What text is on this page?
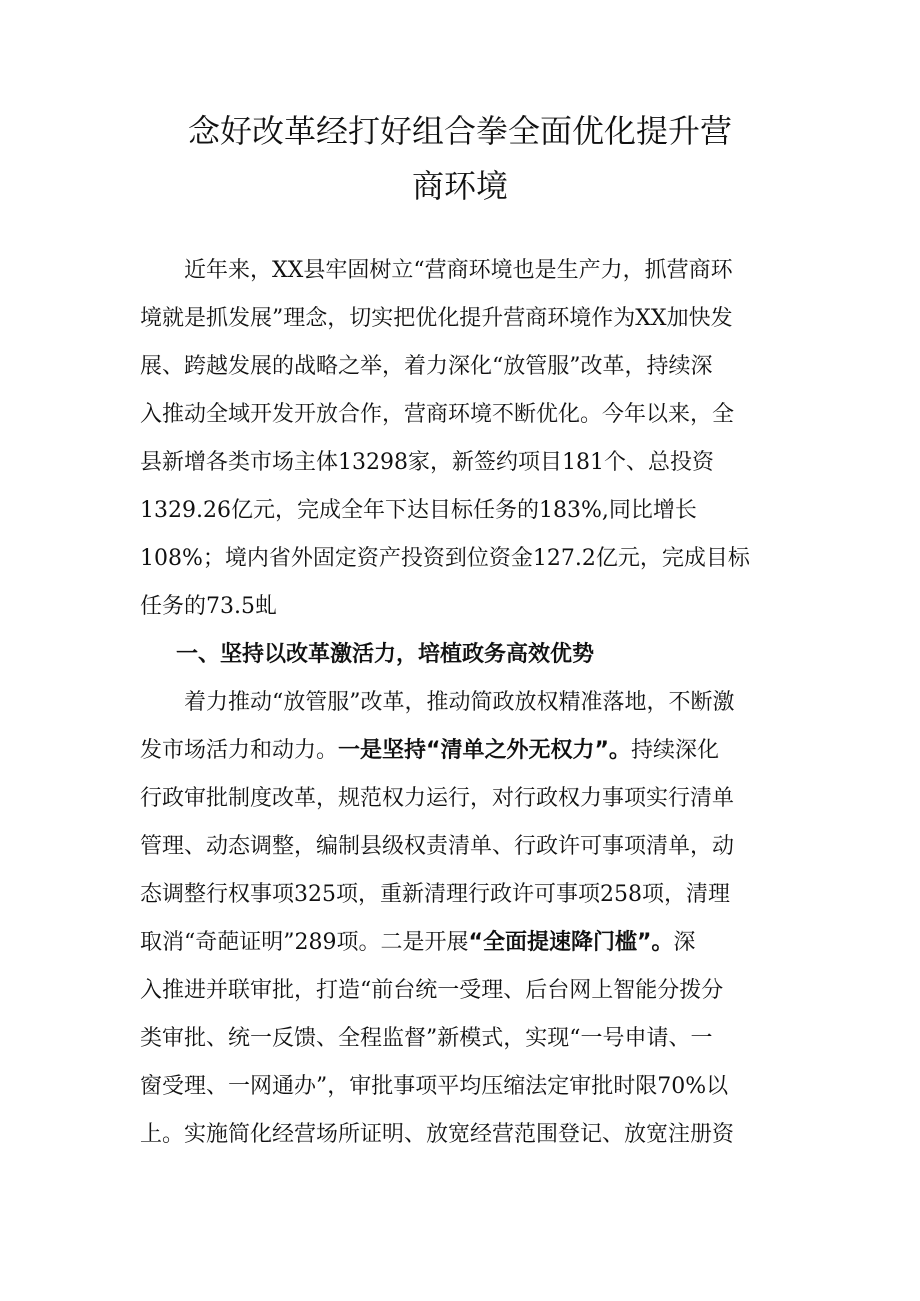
念好改革经打好组合拳全面优化提升营
商环境
近年来，XX县牢固树立“营商环境也是生产力，抓营商环
境就是抓发展”理念，切实把优化提升营商环境作为XX加快发
展、跨越发展的战略之举，着力深化“放管服”改革，持续深
入推动全域开发开放合作，营商环境不断优化。今年以来，全
县新增各类市场主体13298家，新签约项目181个、总投资
1329.26亿元，完成全年下达目标任务的183%,同比增长
108%；境内省外固定资产投资到位资金127.2亿元，完成目标
任务的73.5虬
一、坚持以改革激活力，培植政务高效优势
着力推动“放管服”改革，推动简政放权精准落地，不断激
发市场活力和动力。一是坚持“清单之外无权力”。持续深化
行政审批制度改革，规范权力运行，对行政权力事项实行清单
管理、动态调整，编制县级权责清单、行政许可事项清单，动
态调整行权事项325项，重新清理行政许可事项258项，清理
取消“奇葩证明”289项。二是开展“全面提速降门槛”。深
入推进并联审批，打造“前台统一受理、后台网上智能分拨分
类审批、统一反馈、全程监督”新模式，实现“一号申请、一
窗受理、一网通办”，审批事项平均压缩法定审批时限70%以
上。实施简化经营场所证明、放宽经营范围登记、放宽注册资
